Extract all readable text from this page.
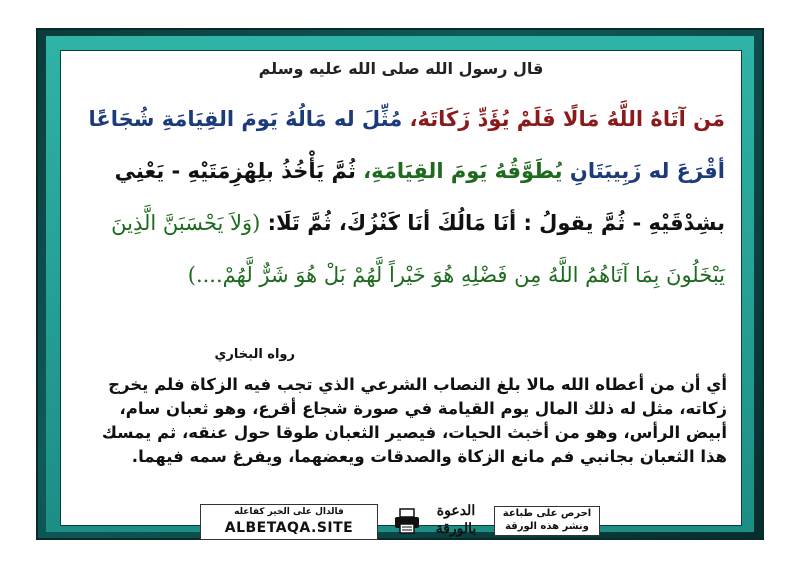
قال رسول الله صلى الله عليه وسلم
مَن آتَاهُ اللَّهُ مَالًا فَلَمْ يُؤَدِّ زَكَاتَهُ، مُثِّلَ له مَالُهُ يَومَ القِيَامَةِ شُجَاعًا أقْرَعَ له زَبِيبَتَانِ يُطَوَّقُهُ يَومَ القِيَامَةِ، ثُمَّ يَأْخُذُ بلِهْزِمَتَيْهِ - يَعْنِي بشِدْقَيْهِ - ثُمَّ يقولُ : أنَا مَالُكَ أنَا كَنْزُكَ، ثُمَّ تَلَا: (وَلاَ يَحْسَبَنَّ الَّذِينَ يَبْخَلُونَ بِمَا آتَاهُمُ اللَّهُ مِن فَضْلِهِ هُوَ خَيْراً لَّهُمْ بَلْ هُوَ شَرٌّ لَّهُمْ....)
رواه البخاري
أي أن من أعطاه الله مالا بلغ النصاب الشرعي الذي تجب فيه الزكاة فلم يخرج زكاته، مثل له ذلك المال يوم القيامة في صورة شجاع أقرع، وهو ثعبان سام، أبيض الرأس، وهو من أخبث الحيات، فيصير الثعبان طوقا حول عنقه، ثم يمسك هذا الثعبان بجانبي فم مانع الزكاة والصدقات ويعضهما، ويفرغ سمه فيهما.
احرص على طباعة
ونشر هذه الورقة
الدعوة
بالورقة
فالدال على الخير كفاعله
ALBETAQA.SITE
